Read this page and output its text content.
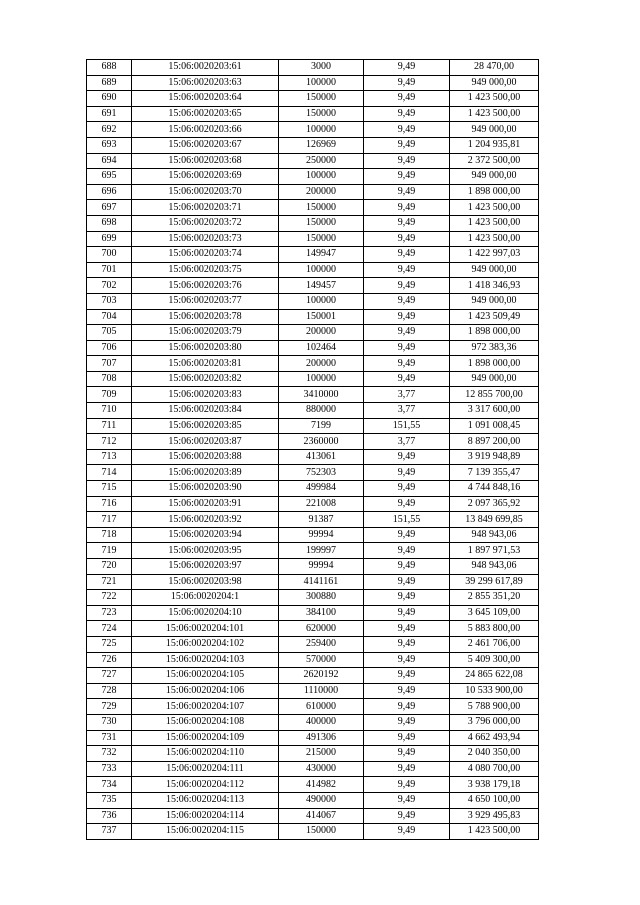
688	15:06:0020203:61	3000	9,49	28 470,00
689	15:06:0020203:63	100000	9,49	949 000,00
690	15:06:0020203:64	150000	9,49	1 423 500,00
691	15:06:0020203:65	150000	9,49	1 423 500,00
692	15:06:0020203:66	100000	9,49	949 000,00
693	15:06:0020203:67	126969	9,49	1 204 935,81
694	15:06:0020203:68	250000	9,49	2 372 500,00
695	15:06:0020203:69	100000	9,49	949 000,00
696	15:06:0020203:70	200000	9,49	1 898 000,00
697	15:06:0020203:71	150000	9,49	1 423 500,00
698	15:06:0020203:72	150000	9,49	1 423 500,00
699	15:06:0020203:73	150000	9,49	1 423 500,00
700	15:06:0020203:74	149947	9,49	1 422 997,03
701	15:06:0020203:75	100000	9,49	949 000,00
702	15:06:0020203:76	149457	9,49	1 418 346,93
703	15:06:0020203:77	100000	9,49	949 000,00
704	15:06:0020203:78	150001	9,49	1 423 509,49
705	15:06:0020203:79	200000	9,49	1 898 000,00
706	15:06:0020203:80	102464	9,49	972 383,36
707	15:06:0020203:81	200000	9,49	1 898 000,00
708	15:06:0020203:82	100000	9,49	949 000,00
709	15:06:0020203:83	3410000	3,77	12 855 700,00
710	15:06:0020203:84	880000	3,77	3 317 600,00
711	15:06:0020203:85	7199	151,55	1 091 008,45
712	15:06:0020203:87	2360000	3,77	8 897 200,00
713	15:06:0020203:88	413061	9,49	3 919 948,89
714	15:06:0020203:89	752303	9,49	7 139 355,47
715	15:06:0020203:90	499984	9,49	4 744 848,16
716	15:06:0020203:91	221008	9,49	2 097 365,92
717	15:06:0020203:92	91387	151,55	13 849 699,85
718	15:06:0020203:94	99994	9,49	948 943,06
719	15:06:0020203:95	199997	9,49	1 897 971,53
720	15:06:0020203:97	99994	9,49	948 943,06
721	15:06:0020203:98	4141161	9,49	39 299 617,89
722	15:06:0020204:1	300880	9,49	2 855 351,20
723	15:06:0020204:10	384100	9,49	3 645 109,00
724	15:06:0020204:101	620000	9,49	5 883 800,00
725	15:06:0020204:102	259400	9,49	2 461 706,00
726	15:06:0020204:103	570000	9,49	5 409 300,00
727	15:06:0020204:105	2620192	9,49	24 865 622,08
728	15:06:0020204:106	1110000	9,49	10 533 900,00
729	15:06:0020204:107	610000	9,49	5 788 900,00
730	15:06:0020204:108	400000	9,49	3 796 000,00
731	15:06:0020204:109	491306	9,49	4 662 493,94
732	15:06:0020204:110	215000	9,49	2 040 350,00
733	15:06:0020204:111	430000	9,49	4 080 700,00
734	15:06:0020204:112	414982	9,49	3 938 179,18
735	15:06:0020204:113	490000	9,49	4 650 100,00
736	15:06:0020204:114	414067	9,49	3 929 495,83
737	15:06:0020204:115	150000	9,49	1 423 500,00
